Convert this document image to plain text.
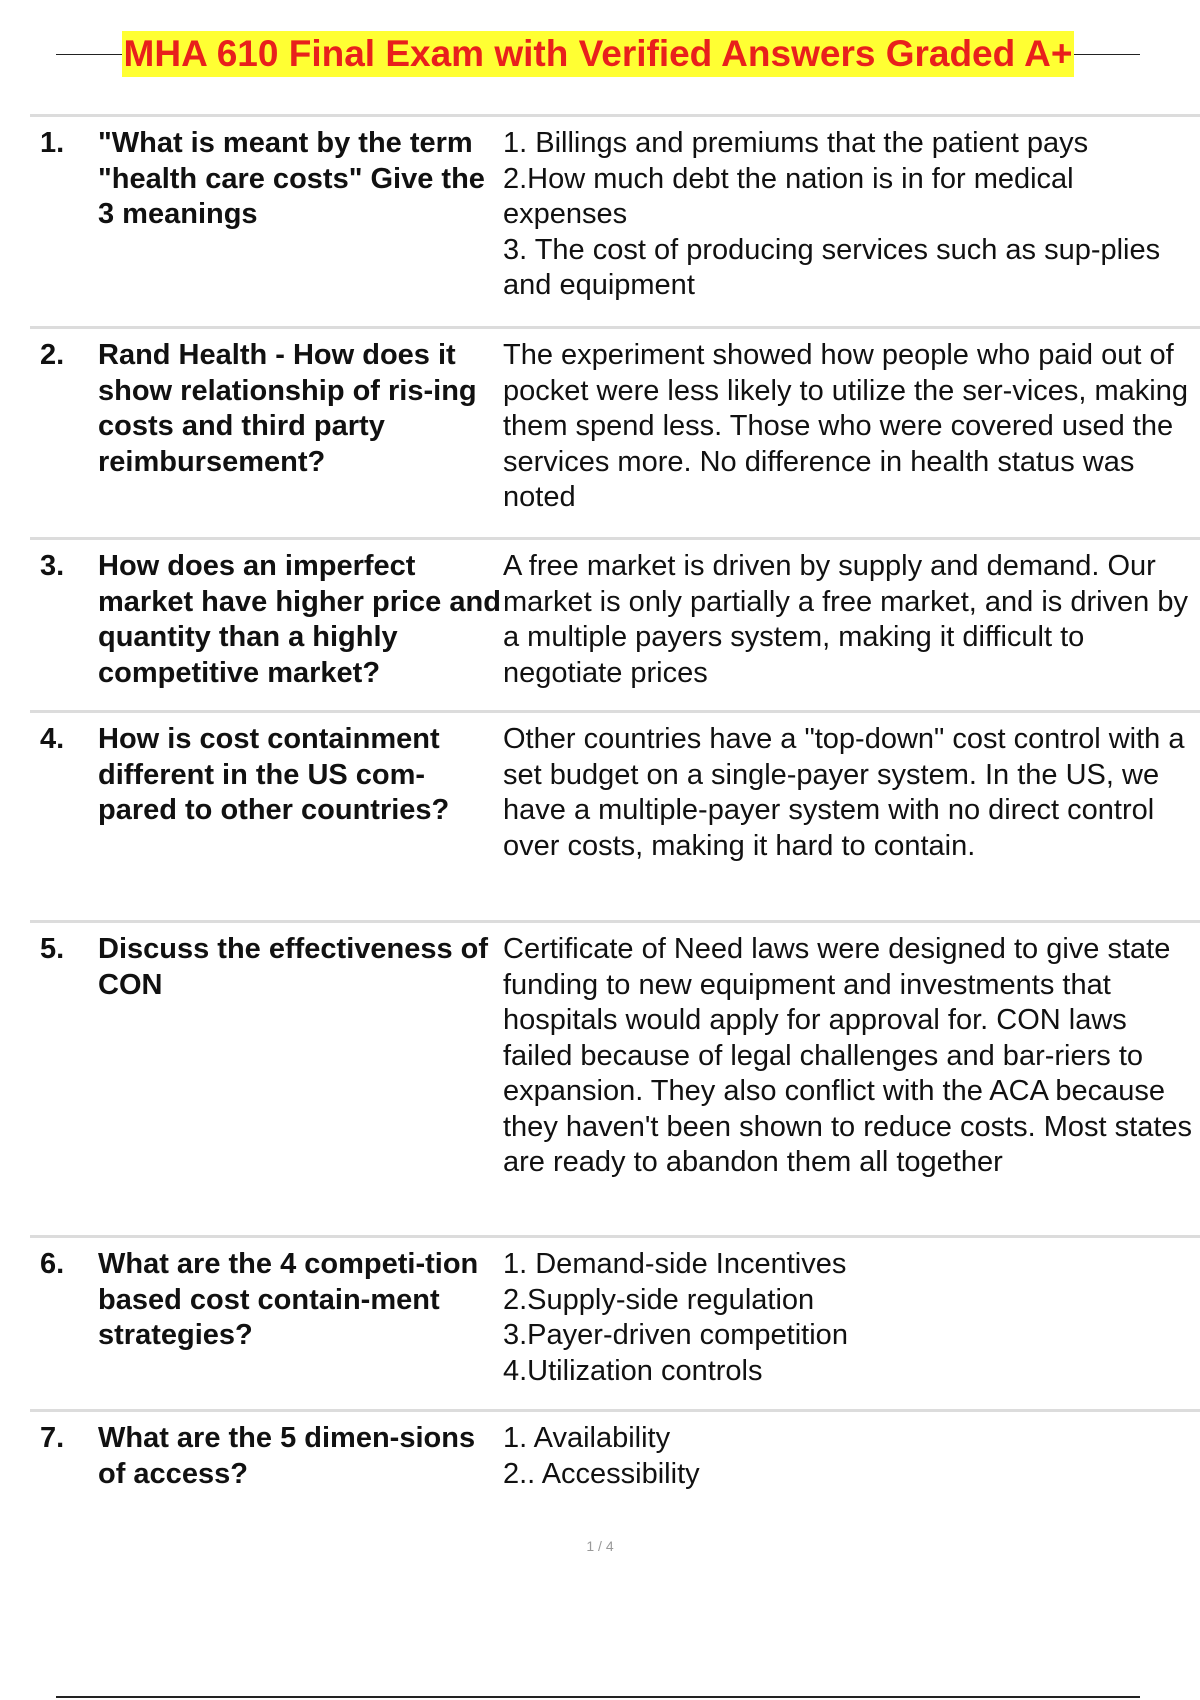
MHA 610 Final Exam with Verified Answers Graded A+
1.	"What is meant by the term "health care costs" Give the 3 meanings
1. Billings and premiums that the patient pays
2.How much debt the nation is in for medical expenses
3. The cost of producing services such as sup-plies and equipment
2.	Rand Health - How does it show relationship of ris-ing costs and third party reimbursement?
The experiment showed how people who paid out of pocket were less likely to utilize the ser-vices, making them spend less. Those who were covered used the services more. No difference in health status was noted
3.	How does an imperfect market have higher price and quantity than a highly competitive market?
A free market is driven by supply and demand. Our market is only partially a free market, and is driven by a multiple payers system, making it difficult to negotiate prices
4.	How is cost containment different in the US com-pared to other countries?
Other countries have a "top-down" cost control with a set budget on a single-payer system. In the US, we have a multiple-payer system with no direct control over costs, making it hard to contain.
5.	Discuss the effectiveness of CON
Certificate of Need laws were designed to give state funding to new equipment and investments that hospitals would apply for approval for. CON laws failed because of legal challenges and bar-riers to expansion. They also conflict with the ACA because they haven't been shown to reduce costs. Most states are ready to abandon them all together
6.	What are the 4 competi-tion based cost contain-ment strategies?
1. Demand-side Incentives
2.Supply-side regulation
3.Payer-driven competition
4.Utilization controls
7.	What are the 5 dimen-sions of access?
1. Availability
2.. Accessibility
1 / 4
